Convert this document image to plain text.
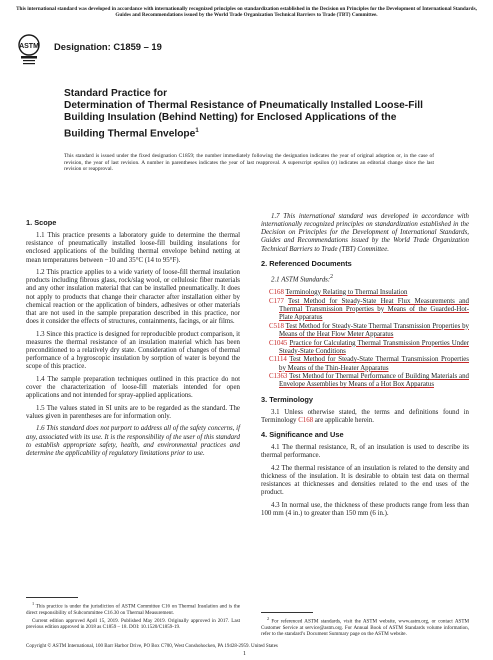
This international standard was developed in accordance with internationally recognized principles on standardization established in the Decision on Principles for the Development of International Standards, Guides and Recommendations issued by the World Trade Organization Technical Barriers to Trade (TBT) Committee.
ASTM Designation: C1859 – 19
Standard Practice for
Determination of Thermal Resistance of Pneumatically Installed Loose-Fill Building Insulation (Behind Netting) for Enclosed Applications of the Building Thermal Envelope$^1$
This standard is issued under the fixed designation C1859; the number immediately following the designation indicates the year of original adoption or, in the case of revision, the year of last revision. A number in parentheses indicates the year of last reapproval. A superscript epsilon (ε) indicates an editorial change since the last revision or reapproval.
1. Scope

1.1 This practice presents a laboratory guide to determine the thermal resistance of pneumatically installed loose-fill building insulations for enclosed applications of the building thermal envelope behind netting at mean temperatures between −10 and 35°C (14 to 95°F).

1.2 This practice applies to a wide variety of loose-fill thermal insulation products including fibrous glass, rock/slag wool, or cellulosic fiber materials and any other insulation material that can be installed pneumatically. It does not apply to products that change their character after installation either by chemical reaction or the application of binders, adhesives or other materials that are not used in the sample preparation described in this practice, nor does it consider the effects of structures, containments, facings, or air films.

1.3 Since this practice is designed for reproducible product comparison, it measures the thermal resistance of an insulation material which has been preconditioned to a relatively dry state. Consideration of changes of thermal performance of a hygroscopic insulation by sorption of water is beyond the scope of this practice.

1.4 The sample preparation techniques outlined in this practice do not cover the characterization of loose-fill materials intended for open applications and not intended for spray-applied applications.

1.5 The values stated in SI units are to be regarded as the standard. The values given in parentheses are for information only.

1.6 This standard does not purport to address all of the safety concerns, if any, associated with its use. It is the responsibility of the user of this standard to establish appropriate safety, health, and environmental practices and determine the applicability of regulatory limitations prior to use.

1.7 This international standard was developed in accordance with internationally recognized principles on standardization established in the Decision on Principles for the Development of International Standards, Guides and Recommendations issued by the World Trade Organization Technical Barriers to Trade (TBT) Committee.

2. Referenced Documents

2.1 ASTM Standards:$^2$

C168 Terminology Relating to Thermal Insulation
C177 Test Method for Steady-State Heat Flux Measurements and Thermal Transmission Properties by Means of the Guarded-Hot-Plate Apparatus
C518 Test Method for Steady-State Thermal Transmission Properties by Means of the Heat Flow Meter Apparatus
C1045 Practice for Calculating Thermal Transmission Properties Under Steady-State Conditions
C1114 Test Method for Steady-State Thermal Transmission Properties by Means of the Thin-Heater Apparatus
C1363 Test Method for Thermal Performance of Building Materials and Envelope Assemblies by Means of a Hot Box Apparatus
3. Terminology

3.1 Unless otherwise stated, the terms and definitions found in Terminology C168 are applicable herein.

4. Significance and Use

4.1 The thermal resistance, R, of an insulation is used to describe its thermal performance.

4.2 The thermal resistance of an insulation is related to the density and thickness of the insulation. It is desirable to obtain test data on thermal resistances at thicknesses and densities related to the end uses of the product.

4.3 In normal use, the thickness of these products range from less than 100 mm (4 in.) to greater than 150 mm (6 in.).

$^1$ This practice is under the jurisdiction of ASTM Committee C16 on Thermal Insulation and is the direct responsibility of Subcommittee C16.30 on Thermal Measurement.

Current edition approved April 15, 2019. Published May 2019. Originally approved in 2017. Last previous edition approved in 2018 as C1859 – 18. DOI: 10.1520/C1859-19.

$^2$ For referenced ASTM standards, visit the ASTM website, www.astm.org, or contact ASTM Customer Service at service@astm.org. For Annual Book of ASTM Standards volume information, refer to the standard’s Document Summary page on the ASTM website.

Copyright © ASTM International, 100 Barr Harbor Drive, PO Box C700, West Conshohocken, PA 19428-2959. United States
1
